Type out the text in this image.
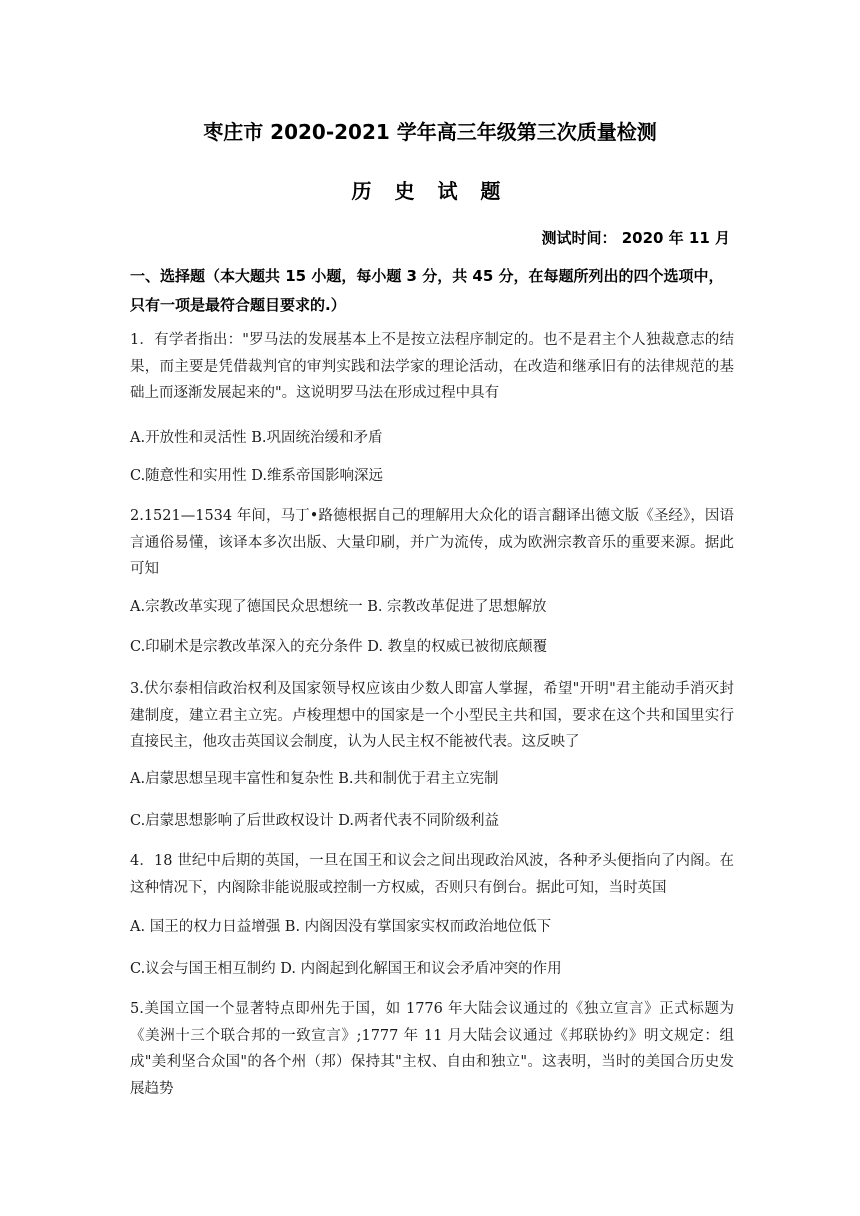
枣庄市 2020-2021 学年高三年级第三次质量检测
历 史 试 题
测试时间： 2020 年 11 月
一、选择题（本大题共 15 小题，每小题 3 分，共 45 分，在每题所列出的四个选项中，只有一项是最符合题目要求的.）
1．有学者指出："罗马法的发展基本上不是按立法程序制定的。也不是君主个人独裁意志的结果，而主要是凭借裁判官的审判实践和法学家的理论活动，在改造和继承旧有的法律规范的基础上而逐渐发展起来的"。这说明罗马法在形成过程中具有
A.开放性和灵活性 B.巩固统治缓和矛盾
C.随意性和实用性 D.维系帝国影响深远
2.1521—1534 年间，马丁•路德根据自己的理解用大众化的语言翻译出德文版《圣经》，因语言通俗易懂，该译本多次出版、大量印刷，并广为流传，成为欧洲宗教音乐的重要来源。据此可知
A.宗教改革实现了德国民众思想统一 B. 宗教改革促进了思想解放
C.印刷术是宗教改革深入的充分条件 D. 教皇的权威已被彻底颠覆
3.伏尔泰相信政治权利及国家领导权应该由少数人即富人掌握，希望"开明"君主能动手消灭封建制度，建立君主立宪。卢梭理想中的国家是一个小型民主共和国，要求在这个共和国里实行直接民主，他攻击英国议会制度，认为人民主权不能被代表。这反映了
A.启蒙思想呈现丰富性和复杂性 B.共和制优于君主立宪制
C.启蒙思想影响了后世政权设计 D.两者代表不同阶级利益
4．18 世纪中后期的英国，一旦在国王和议会之间出现政治风波，各种矛头便指向了内阁。在这种情况下，内阁除非能说服或控制一方权威，否则只有倒台。据此可知，当时英国
A. 国王的权力日益增强 B. 内阁因没有掌国家实权而政治地位低下
C.议会与国王相互制约 D. 内阁起到化解国王和议会矛盾冲突的作用
5.美国立国一个显著特点即州先于国，如 1776 年大陆会议通过的《独立宣言》正式标题为《美洲十三个联合邦的一致宣言》;1777 年 11 月大陆会议通过《邦联协约》明文规定：组成"美利坚合众国"的各个州（邦）保持其"主权、自由和独立"。这表明，当时的美国合历史发展趋势
